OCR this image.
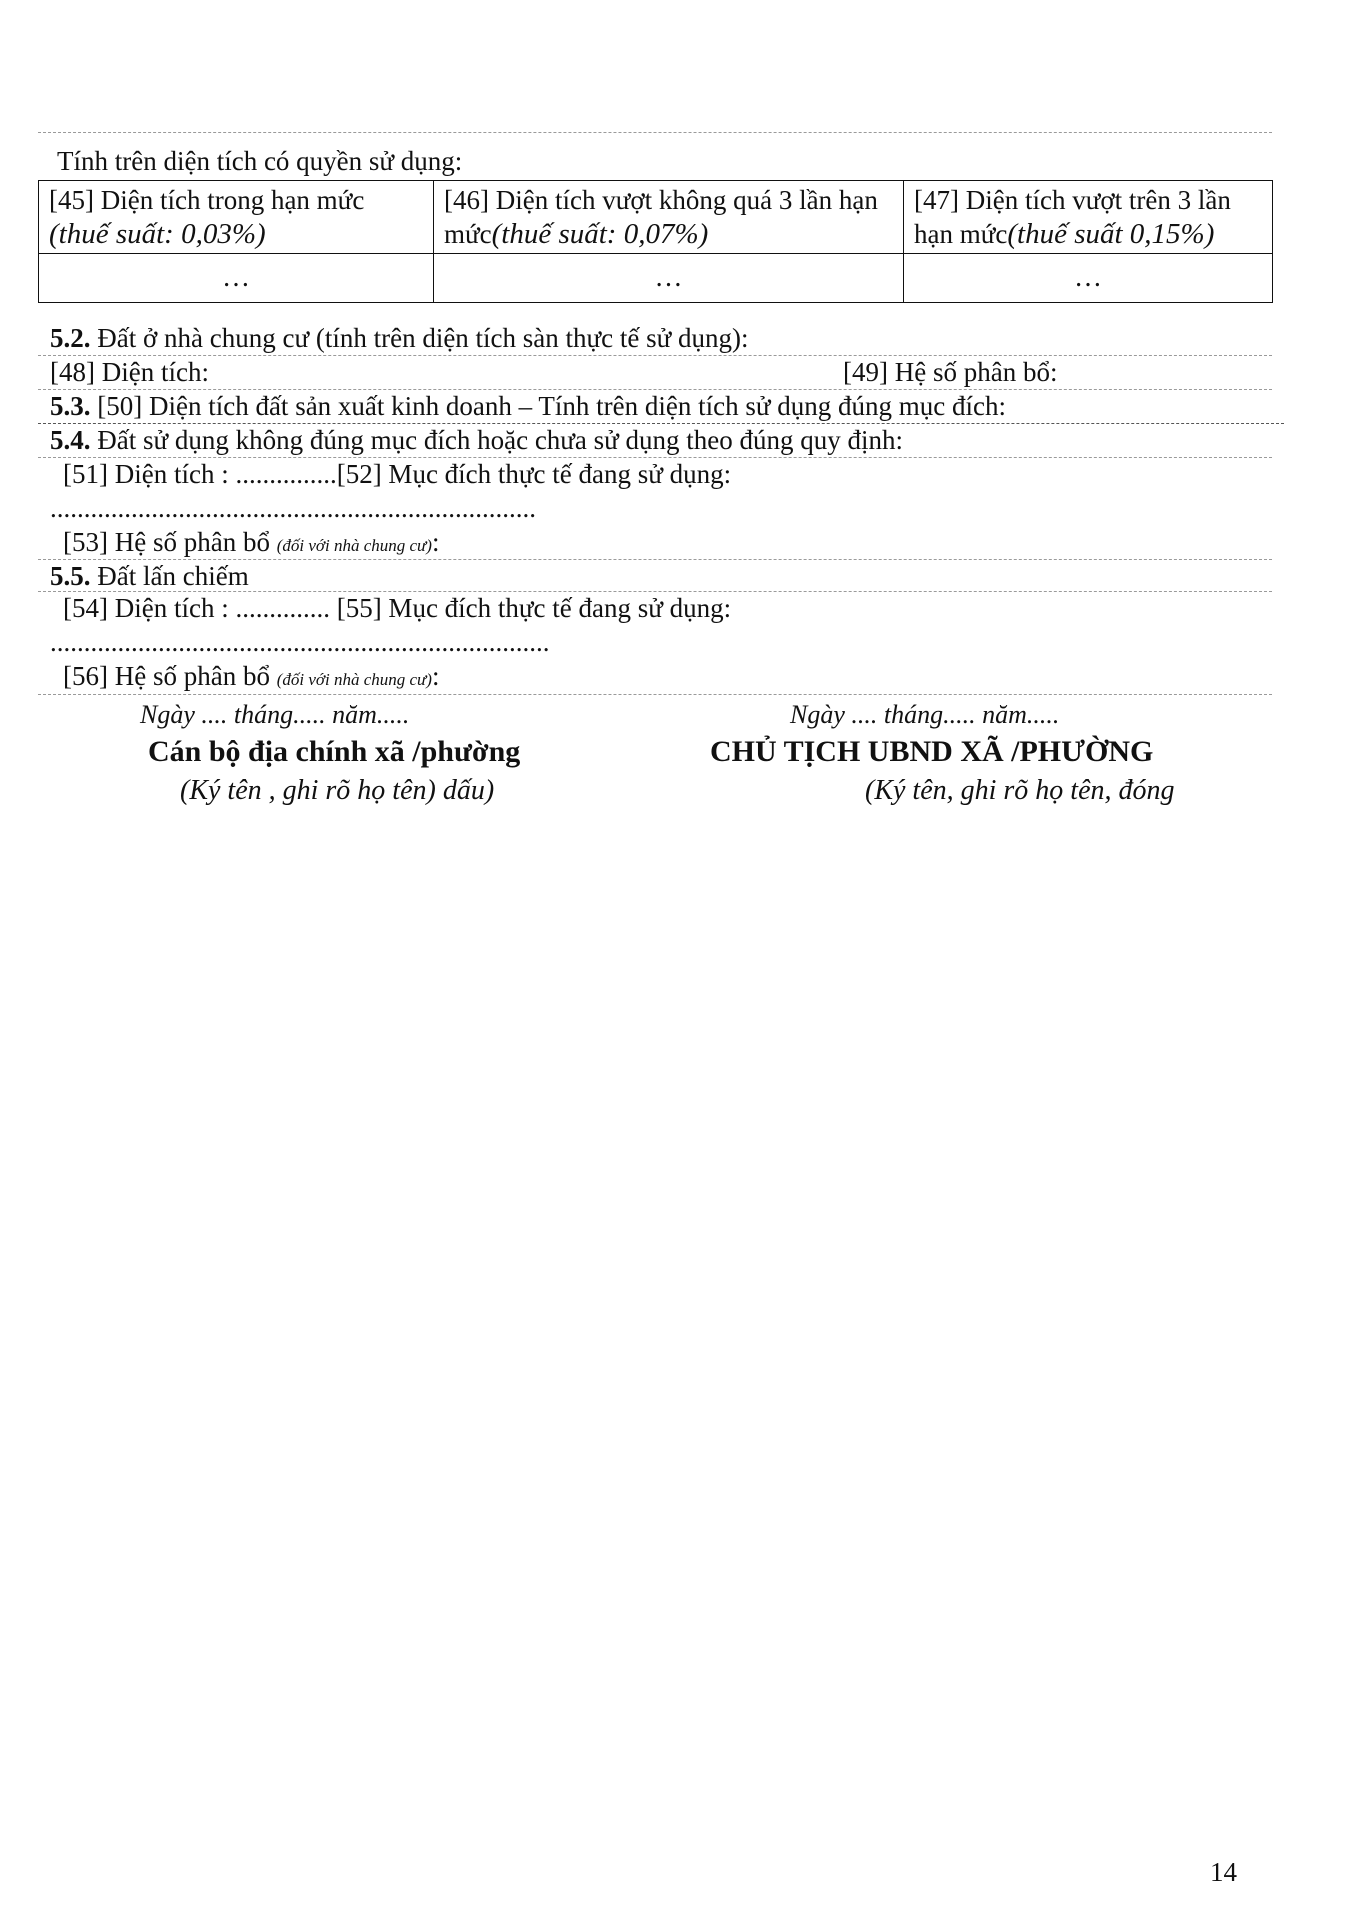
Tính trên diện tích có quyền sử dụng:
[45] Diện tích trong hạn mức
(thuế suất: 0,03%)	[46] Diện tích vượt không quá 3 lần hạn mức(thuế suất: 0,07%)	[47] Diện tích vượt trên 3 lần hạn mức(thuế suất 0,15%)
…	…	…
5.2. Đất ở nhà chung cư (tính trên diện tích sàn thực tế sử dụng):
[48] Diện tích:	[49] Hệ số phân bổ:
5.3. [50] Diện tích đất sản xuất kinh doanh – Tính trên diện tích sử dụng đúng mục đích:
5.4. Đất sử dụng không đúng mục đích hoặc chưa sử dụng theo đúng quy định:
[51] Diện tích : ...............[52] Mục đích thực tế đang sử dụng:
........................................................................
[53] Hệ số phân bổ (đối với nhà chung cư):
5.5. Đất lấn chiếm
[54] Diện tích : .............. [55] Mục đích thực tế đang sử dụng:
..........................................................................
[56] Hệ số phân bổ (đối với nhà chung cư):
Ngày .... tháng..... năm.....
Cán bộ địa chính xã /phường
(Ký tên , ghi rõ họ tên) dấu)
Ngày .... tháng..... năm.....
CHỦ TỊCH UBND XÃ /PHƯỜNG
(Ký tên, ghi rõ họ tên, đóng
14
